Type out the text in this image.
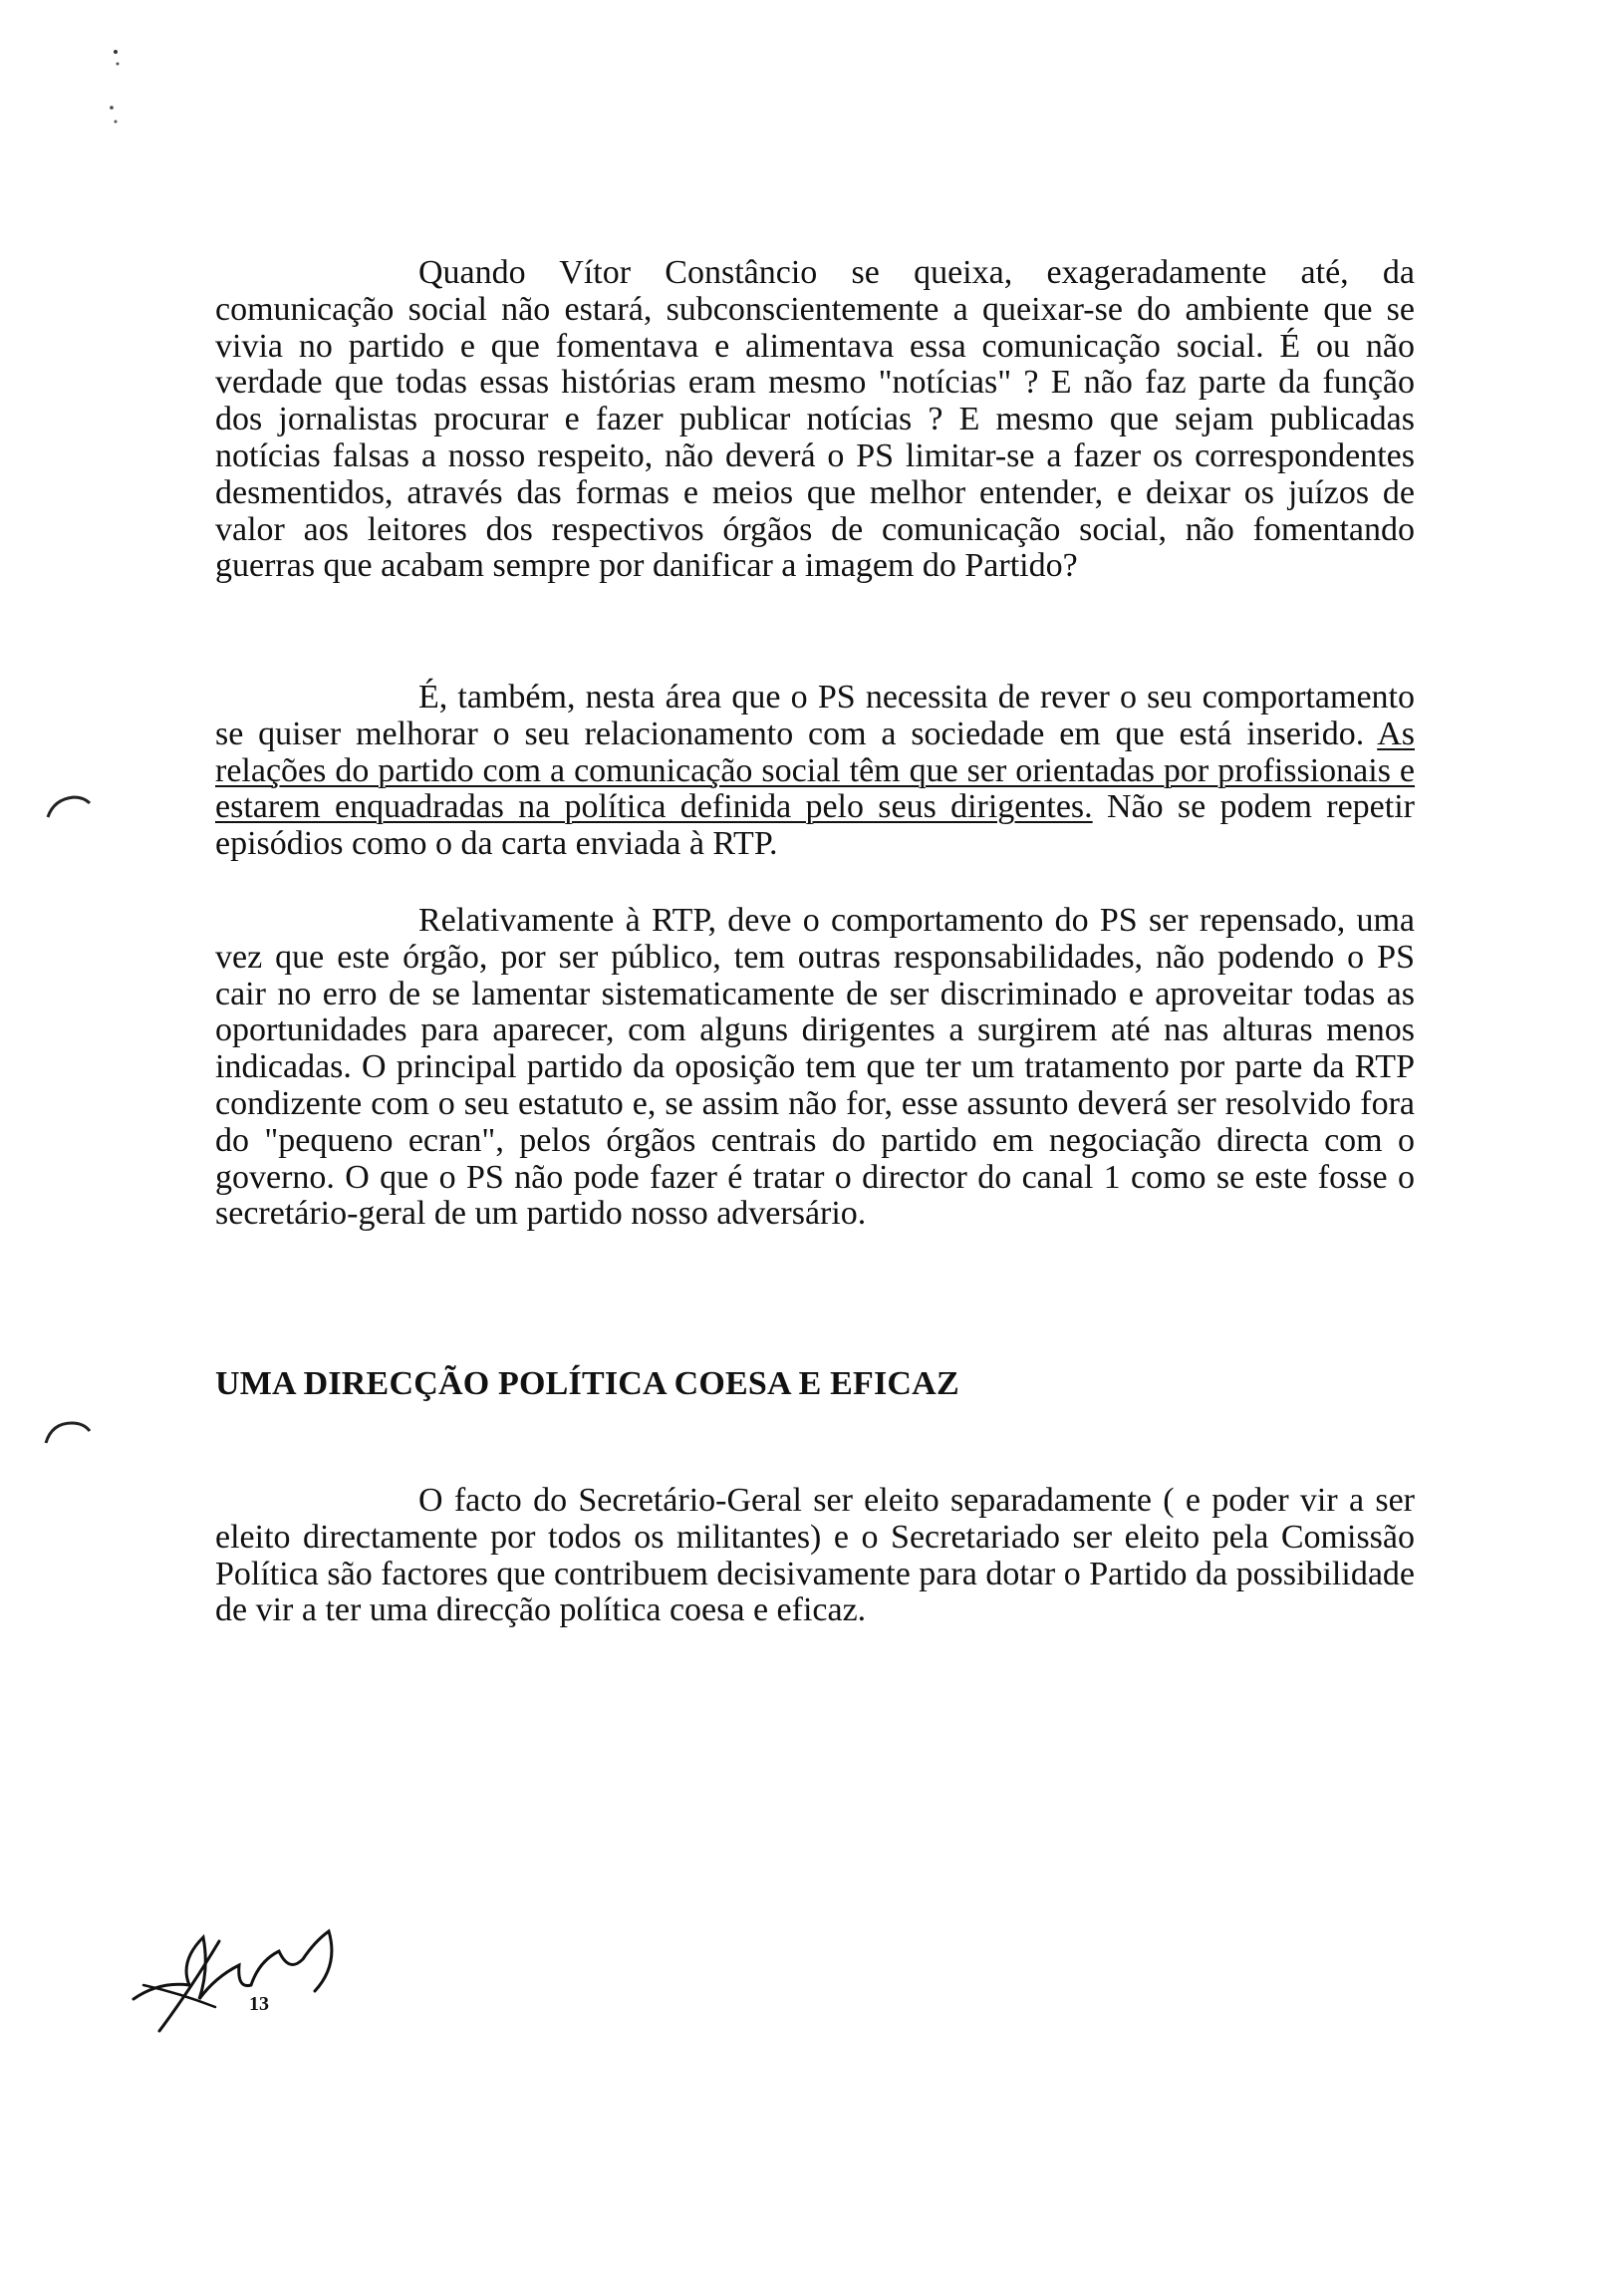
Quando Vítor Constâncio se queixa, exageradamente até, da comunicação social não estará, subconscientemente a queixar-se do ambiente que se vivia no partido e que fomentava e alimentava essa comunicação social. É ou não verdade que todas essas histórias eram mesmo "notícias" ? E não faz parte da função dos jornalistas procurar e fazer publicar notícias ? E mesmo que sejam publicadas notícias falsas a nosso respeito, não deverá o PS limitar-se a fazer os correspondentes desmentidos, através das formas e meios que melhor entender, e deixar os juízos de valor aos leitores dos respectivos órgãos de comunicação social, não fomentando guerras que acabam sempre por danificar a imagem do Partido?

É, também, nesta área que o PS necessita de rever o seu comportamento se quiser melhorar o seu relacionamento com a sociedade em que está inserido. As relações do partido com a comunicação social têm que ser orientadas por profissionais e estarem enquadradas na política definida pelo seus dirigentes. Não se podem repetir episódios como o da carta enviada à RTP.

Relativamente à RTP, deve o comportamento do PS ser repensado, uma vez que este órgão, por ser público, tem outras responsabilidades, não podendo o PS cair no erro de se lamentar sistematicamente de ser discriminado e aproveitar todas as oportunidades para aparecer, com alguns dirigentes a surgirem até nas alturas menos indicadas. O principal partido da oposição tem que ter um tratamento por parte da RTP condizente com o seu estatuto e, se assim não for, esse assunto deverá ser resolvido fora do "pequeno ecran", pelos órgãos centrais do partido em negociação directa com o governo. O que o PS não pode fazer é tratar o director do canal 1 como se este fosse o secretário-geral de um partido nosso adversário.

UMA DIRECÇÃO POLÍTICA COESA E EFICAZ

O facto do Secretário-Geral ser eleito separadamente ( e poder vir a ser eleito directamente por todos os militantes) e o Secretariado ser eleito pela Comissão Política são factores que contribuem decisivamente para dotar o Partido da possibilidade de vir a ter uma direcção política coesa e eficaz.

13
